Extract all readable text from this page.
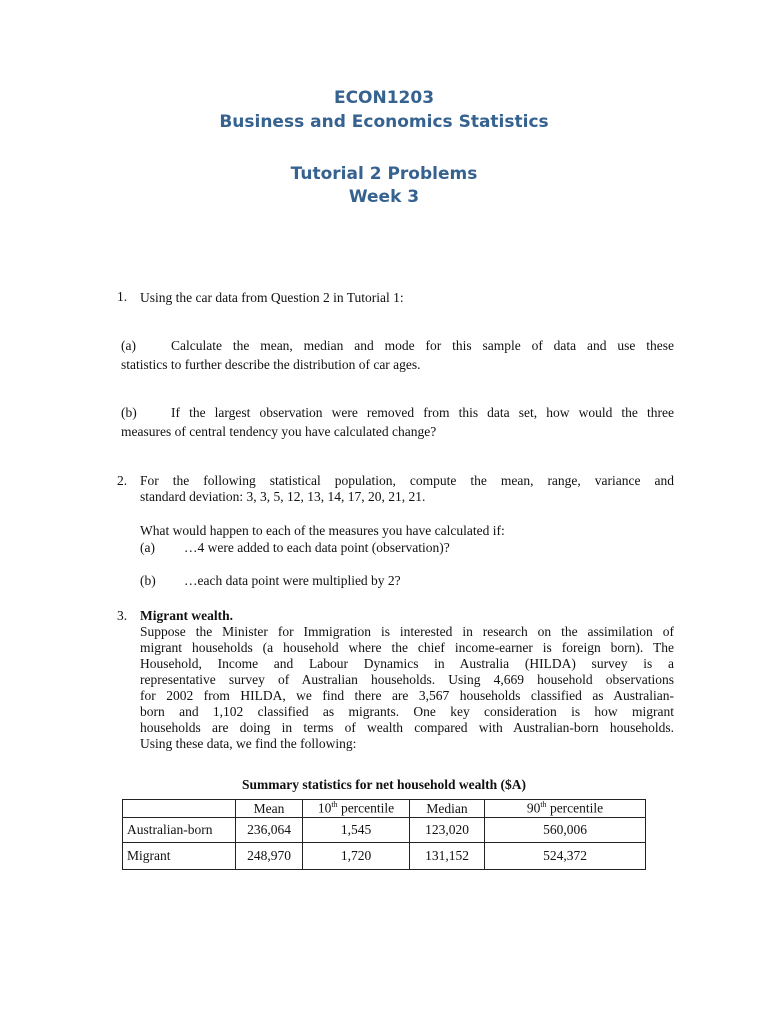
ECON1203
Business and Economics Statistics
Tutorial 2 Problems
Week 3
1. Using the car data from Question 2 in Tutorial 1:
(a)	Calculate the mean, median and mode for this sample of data and use these
statistics to further describe the distribution of car ages.
(b)	If the largest observation were removed from this data set, how would the three
measures of central tendency you have calculated change?
2. For the following statistical population, compute the mean, range, variance and
standard deviation: 3, 3, 5, 12, 13, 14, 17, 20, 21, 21.
What would happen to each of the measures you have calculated if:
(a) …4 were added to each data point (observation)?
(b) …each data point were multiplied by 2?
3. Migrant wealth.
Suppose the Minister for Immigration is interested in research on the assimilation of
migrant households (a household where the chief income-earner is foreign born). The
Household, Income and Labour Dynamics in Australia (HILDA) survey is a
representative survey of Australian households. Using 4,669 household observations
for 2002 from HILDA, we find there are 3,567 households classified as Australian-
born and 1,102 classified as migrants. One key consideration is how migrant
households are doing in terms of wealth compared with Australian-born households.
Using these data, we find the following:
Summary statistics for net household wealth ($A)
	Mean	10th percentile	Median	90th percentile
Australian-born	236,064	1,545	123,020	560,006
Migrant	248,970	1,720	131,152	524,372
